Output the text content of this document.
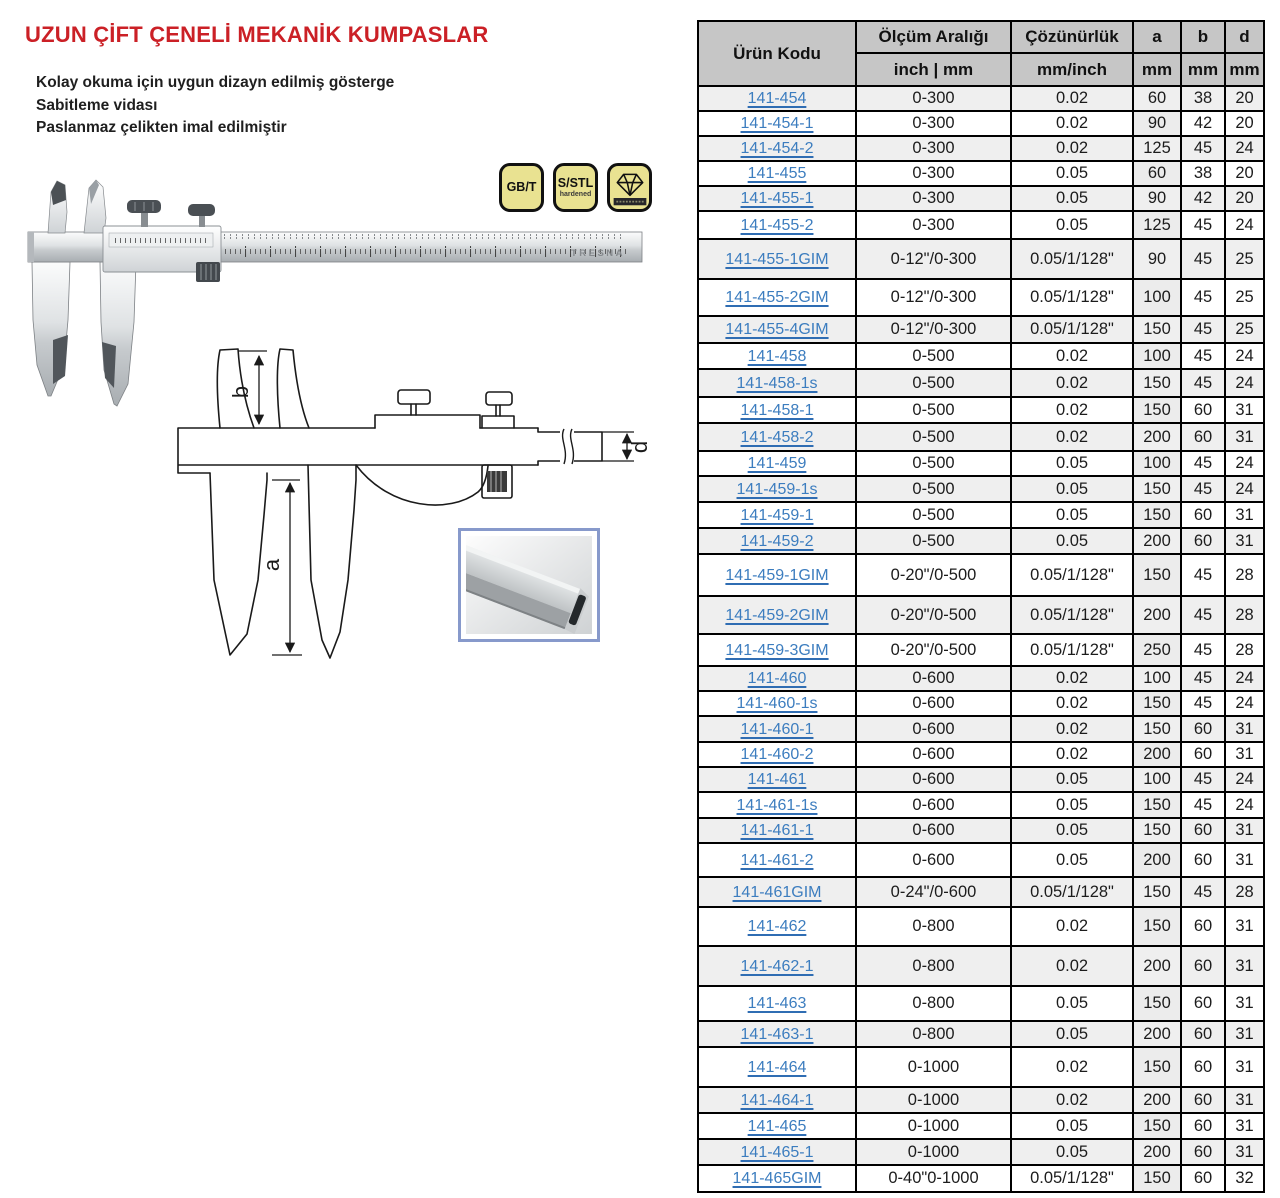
UZUN ÇİFT ÇENELİ MEKANİK KUMPASLAR
Kolay okuma için uygun dizayn edilmiş gösterge
Sabitleme vidası
Paslanmaz çelikten imal edilmiştir
GB/T S/STL
hardened
TRESNA
b
a
d
Ürün Kodu	Ölçüm Aralığı	Çözünürlük	a	b	d
	inch | mm	mm/inch	mm	mm	mm
141-454	0-300	0.02	60	38	20
141-454-1	0-300	0.02	90	42	20
141-454-2	0-300	0.02	125	45	24
141-455	0-300	0.05	60	38	20
141-455-1	0-300	0.05	90	42	20
141-455-2	0-300	0.05	125	45	24
141-455-1GIM	0-12"/0-300	0.05/1/128"	90	45	25
141-455-2GIM	0-12"/0-300	0.05/1/128"	100	45	25
141-455-4GIM	0-12"/0-300	0.05/1/128"	150	45	25
141-458	0-500	0.02	100	45	24
141-458-1s	0-500	0.02	150	45	24
141-458-1	0-500	0.02	150	60	31
141-458-2	0-500	0.02	200	60	31
141-459	0-500	0.05	100	45	24
141-459-1s	0-500	0.05	150	45	24
141-459-1	0-500	0.05	150	60	31
141-459-2	0-500	0.05	200	60	31
141-459-1GIM	0-20"/0-500	0.05/1/128"	150	45	28
141-459-2GIM	0-20"/0-500	0.05/1/128"	200	45	28
141-459-3GIM	0-20"/0-500	0.05/1/128"	250	45	28
141-460	0-600	0.02	100	45	24
141-460-1s	0-600	0.02	150	45	24
141-460-1	0-600	0.02	150	60	31
141-460-2	0-600	0.02	200	60	31
141-461	0-600	0.05	100	45	24
141-461-1s	0-600	0.05	150	45	24
141-461-1	0-600	0.05	150	60	31
141-461-2	0-600	0.05	200	60	31
141-461GIM	0-24"/0-600	0.05/1/128"	150	45	28
141-462	0-800	0.02	150	60	31
141-462-1	0-800	0.02	200	60	31
141-463	0-800	0.05	150	60	31
141-463-1	0-800	0.05	200	60	31
141-464	0-1000	0.02	150	60	31
141-464-1	0-1000	0.02	200	60	31
141-465	0-1000	0.05	150	60	31
141-465-1	0-1000	0.05	200	60	31
141-465GIM	0-40"0-1000	0.05/1/128"	150	60	32
